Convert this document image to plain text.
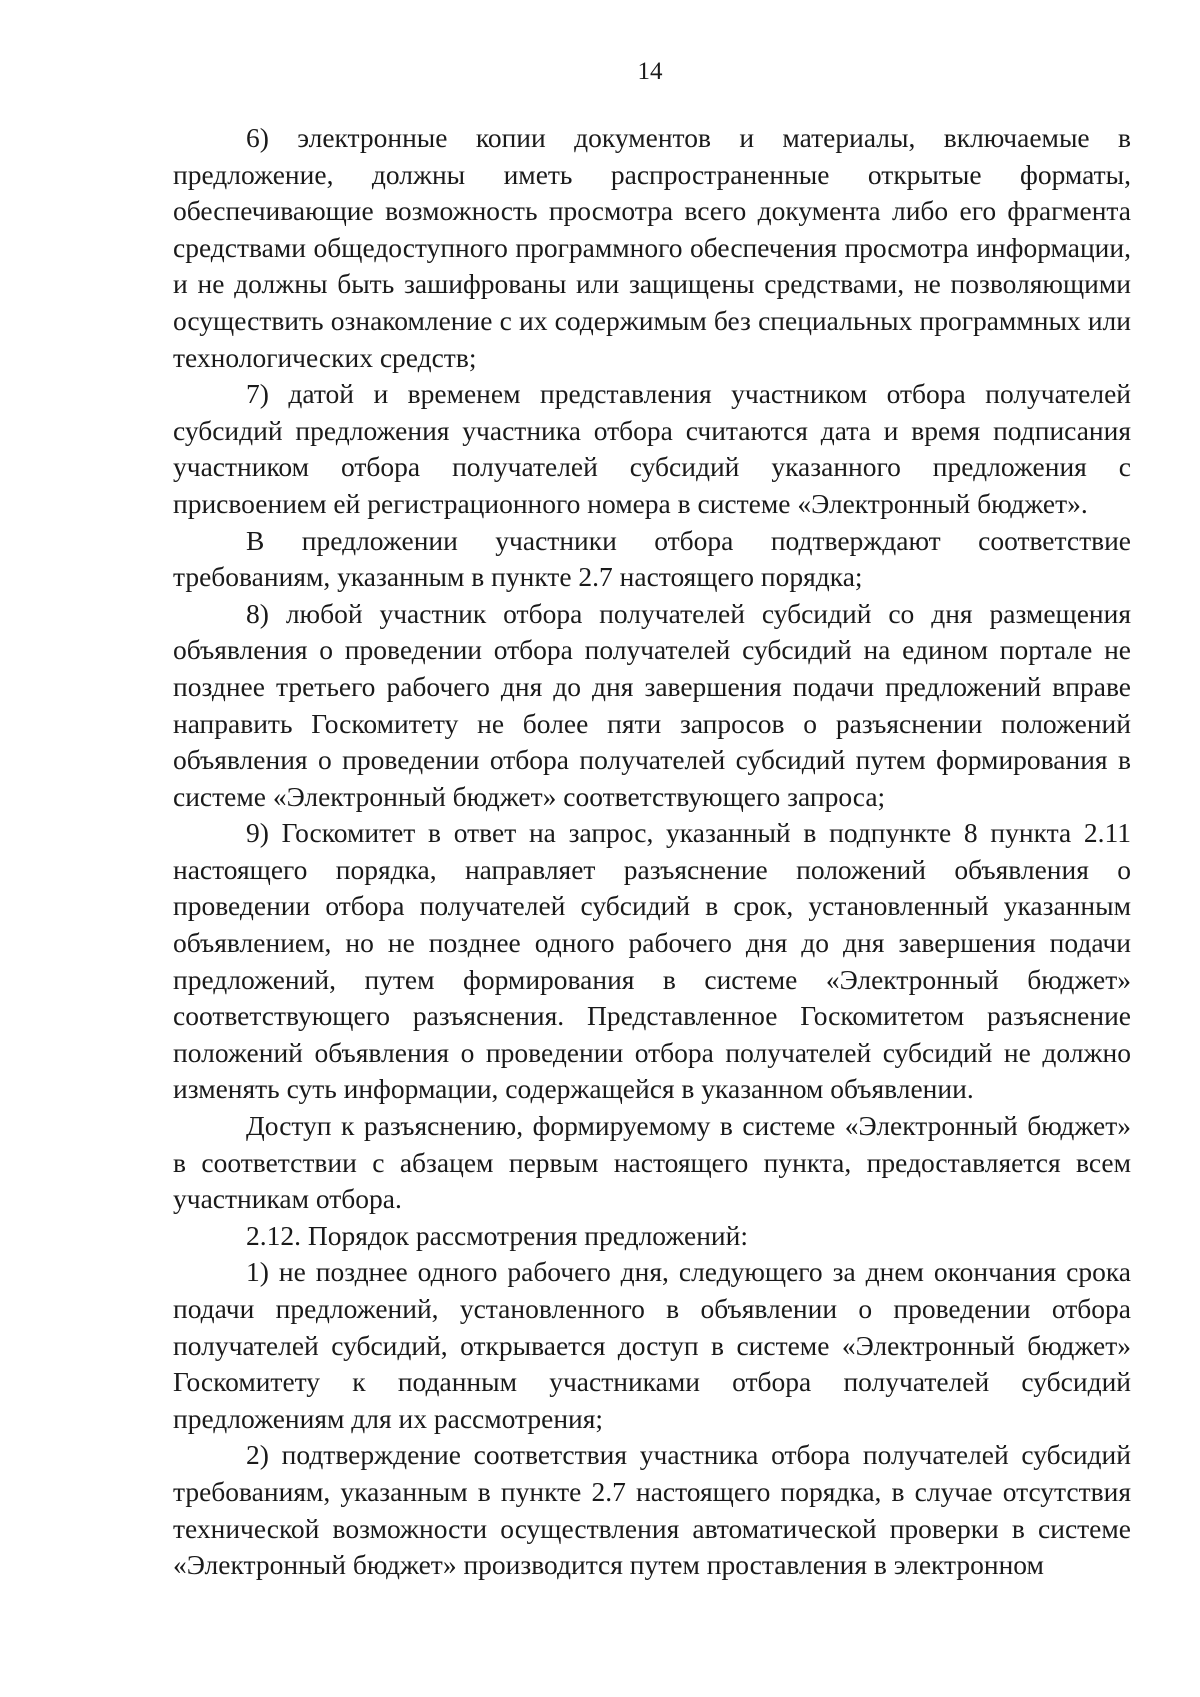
14

6) электронные копии документов и материалы, включаемые в предложение, должны иметь распространенные открытые форматы, обеспечивающие возможность просмотра всего документа либо его фрагмента средствами общедоступного программного обеспечения просмотра информации, и не должны быть зашифрованы или защищены средствами, не позволяющими осуществить ознакомление с их содержимым без специальных программных или технологических средств;

7) датой и временем представления участником отбора получателей субсидий предложения участника отбора считаются дата и время подписания участником отбора получателей субсидий указанного предложения с присвоением ей регистрационного номера в системе «Электронный бюджет».

В предложении участники отбора подтверждают соответствие требованиям, указанным в пункте 2.7 настоящего порядка;

8) любой участник отбора получателей субсидий со дня размещения объявления о проведении отбора получателей субсидий на едином портале не позднее третьего рабочего дня до дня завершения подачи предложений вправе направить Госкомитету не более пяти запросов о разъяснении положений объявления о проведении отбора получателей субсидий путем формирования в системе «Электронный бюджет» соответствующего запроса;

9) Госкомитет в ответ на запрос, указанный в подпункте 8 пункта 2.11 настоящего порядка, направляет разъяснение положений объявления о проведении отбора получателей субсидий в срок, установленный указанным объявлением, но не позднее одного рабочего дня до дня завершения подачи предложений, путем формирования в системе «Электронный бюджет» соответствующего разъяснения. Представленное Госкомитетом разъяснение положений объявления о проведении отбора получателей субсидий не должно изменять суть информации, содержащейся в указанном объявлении.

Доступ к разъяснению, формируемому в системе «Электронный бюджет» в соответствии с абзацем первым настоящего пункта, предоставляется всем участникам отбора.

2.12. Порядок рассмотрения предложений:

1) не позднее одного рабочего дня, следующего за днем окончания срока подачи предложений, установленного в объявлении о проведении отбора получателей субсидий, открывается доступ в системе «Электронный бюджет» Госкомитету к поданным участниками отбора получателей субсидий предложениям для их рассмотрения;

2) подтверждение соответствия участника отбора получателей субсидий требованиям, указанным в пункте 2.7 настоящего порядка, в случае отсутствия технической возможности осуществления автоматической проверки в системе «Электронный бюджет» производится путем проставления в электронном
